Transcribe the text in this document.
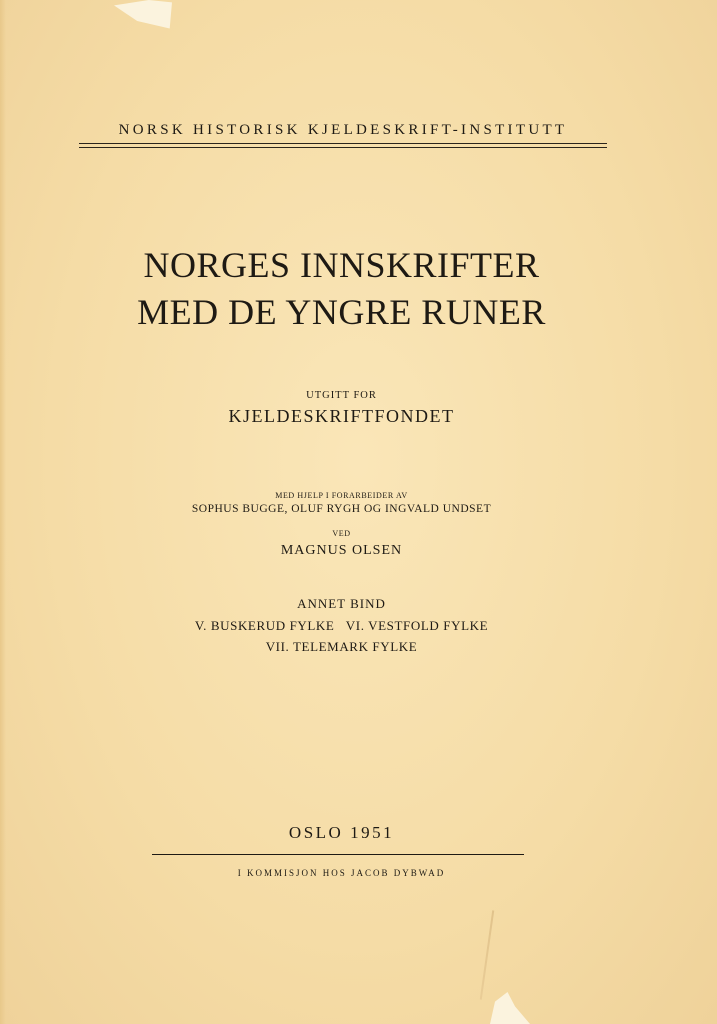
NORSK HISTORISK KJELDESKRIFT-INSTITUTT
NORGES INNSKRIFTER
MED DE YNGRE RUNER
UTGITT FOR
KJELDESKRIFTFONDET
MED HJELP I FORARBEIDER AV
SOPHUS BUGGE, OLUF RYGH OG INGVALD UNDSET
VED
MAGNUS OLSEN
ANNET BIND
V. BUSKERUD FYLKE   VI. VESTFOLD FYLKE
VII. TELEMARK FYLKE
OSLO 1951
I KOMMISJON HOS JACOB DYBWAD
